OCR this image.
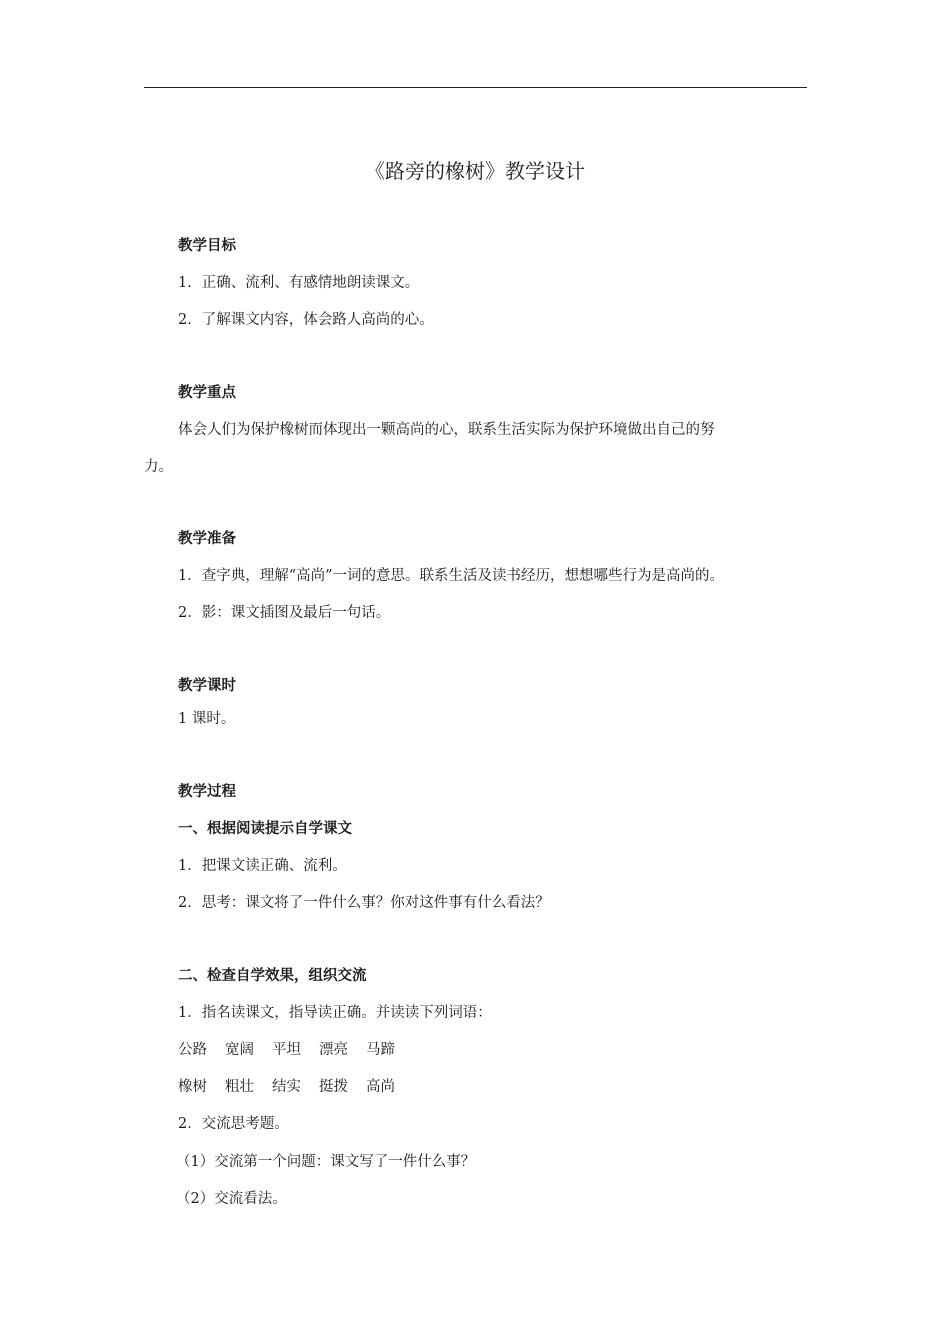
《路旁的橡树》教学设计
教学目标
1．正确、流利、有感情地朗读课文。
2．了解课文内容，体会路人高尚的心。
教学重点
体会人们为保护橡树而体现出一颗高尚的心，联系生活实际为保护环境做出自己的努
力。
教学准备
1．查字典，理解“高尚”一词的意思。联系生活及读书经历，想想哪些行为是高尚的。
2．影：课文插图及最后一句话。
教学课时
1 课时。
教学过程
一、根据阅读提示自学课文
1．把课文读正确、流利。
2．思考：课文将了一件什么事？你对这件事有什么看法？
二、检查自学效果，组织交流
1．指名读课文，指导读正确。并读读下列词语：
公路 宽阔 平坦 漂亮 马蹄
橡树 粗壮 结实 挺拨 高尚
2．交流思考题。
（1）交流第一个问题：课文写了一件什么事？
（2）交流看法。
